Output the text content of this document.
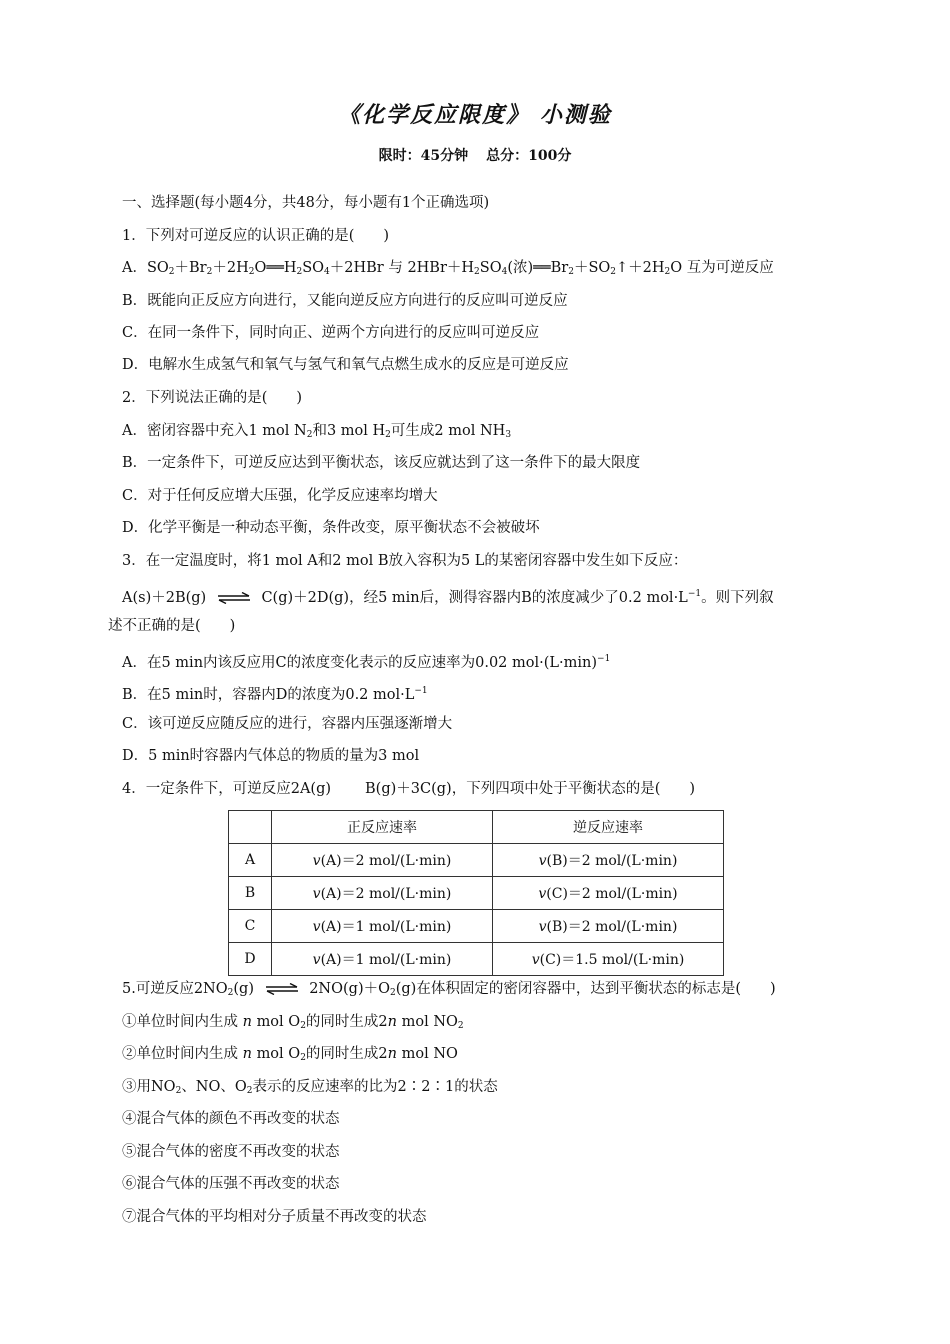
《化学反应限度》 小测验
限时：45分钟 总分：100分
一、选择题(每小题4分，共48分，每小题有1个正确选项)
1．下列对可逆反应的认识正确的是(　　)
A．$SO_2+Br_2+2H_2O══H_2SO_4+2HBr$ 与 $2HBr+H_2SO_4$(浓)$══Br_2+SO_2↑+2H_2O$ 互为可逆反应
B．既能向正反应方向进行，又能向逆反应方向进行的反应叫可逆反应
C．在同一条件下，同时向正、逆两个方向进行的反应叫可逆反应
D．电解水生成氢气和氧气与氢气和氧气点燃生成水的反应是可逆反应
2．下列说法正确的是(　　)
A．密闭容器中充入1 mol $N_2$和3 mol $H_2$可生成2 mol $NH_3$
B．一定条件下，可逆反应达到平衡状态，该反应就达到了这一条件下的最大限度
C．对于任何反应增大压强，化学反应速率均增大
D．化学平衡是一种动态平衡，条件改变，原平衡状态不会被破坏
3．在一定温度时，将1 mol A和2 mol B放入容积为5 L的某密闭容器中发生如下反应：
A(s)＋2B(g) ⇌ C(g)＋2D(g)，经5 min后，测得容器内B的浓度减少了0.2 $mol\cdot L^{-1}$。则下列叙
述不正确的是(　　)
A．在5 min内该反应用C的浓度变化表示的反应速率为0.02 $mol\cdot(L\cdot\min)^{-1}$
B．在5 min时，容器内D的浓度为0.2 $mol\cdot L^{-1}$
C．该可逆反应随反应的进行，容器内压强逐渐增大
D．5 min时容器内气体总的物质的量为3 mol
4．一定条件下，可逆反应2A(g) B(g)＋3C(g)，下列四项中处于平衡状态的是(　　)
	正反应速率	逆反应速率
A	v(A)＝2 mol/(L·min)	v(B)＝2 mol/(L·min)
B	v(A)＝2 mol/(L·min)	v(C)＝2 mol/(L·min)
C	v(A)＝1 mol/(L·min)	v(B)＝2 mol/(L·min)
D	v(A)＝1 mol/(L·min)	v(C)＝1.5 mol/(L·min)
5.可逆反应$2NO_2(g)$ ⇌ $2NO(g)+O_2(g)$在体积固定的密闭容器中，达到平衡状态的标志是(　　)
①单位时间内生成 n mol $O_2$的同时生成2n mol $NO_2$
②单位时间内生成 n mol $O_2$的同时生成2n mol NO
③用$NO_2$、NO、$O_2$表示的反应速率的比为2∶2∶1的状态
④混合气体的颜色不再改变的状态
⑤混合气体的密度不再改变的状态
⑥混合气体的压强不再改变的状态
⑦混合气体的平均相对分子质量不再改变的状态
